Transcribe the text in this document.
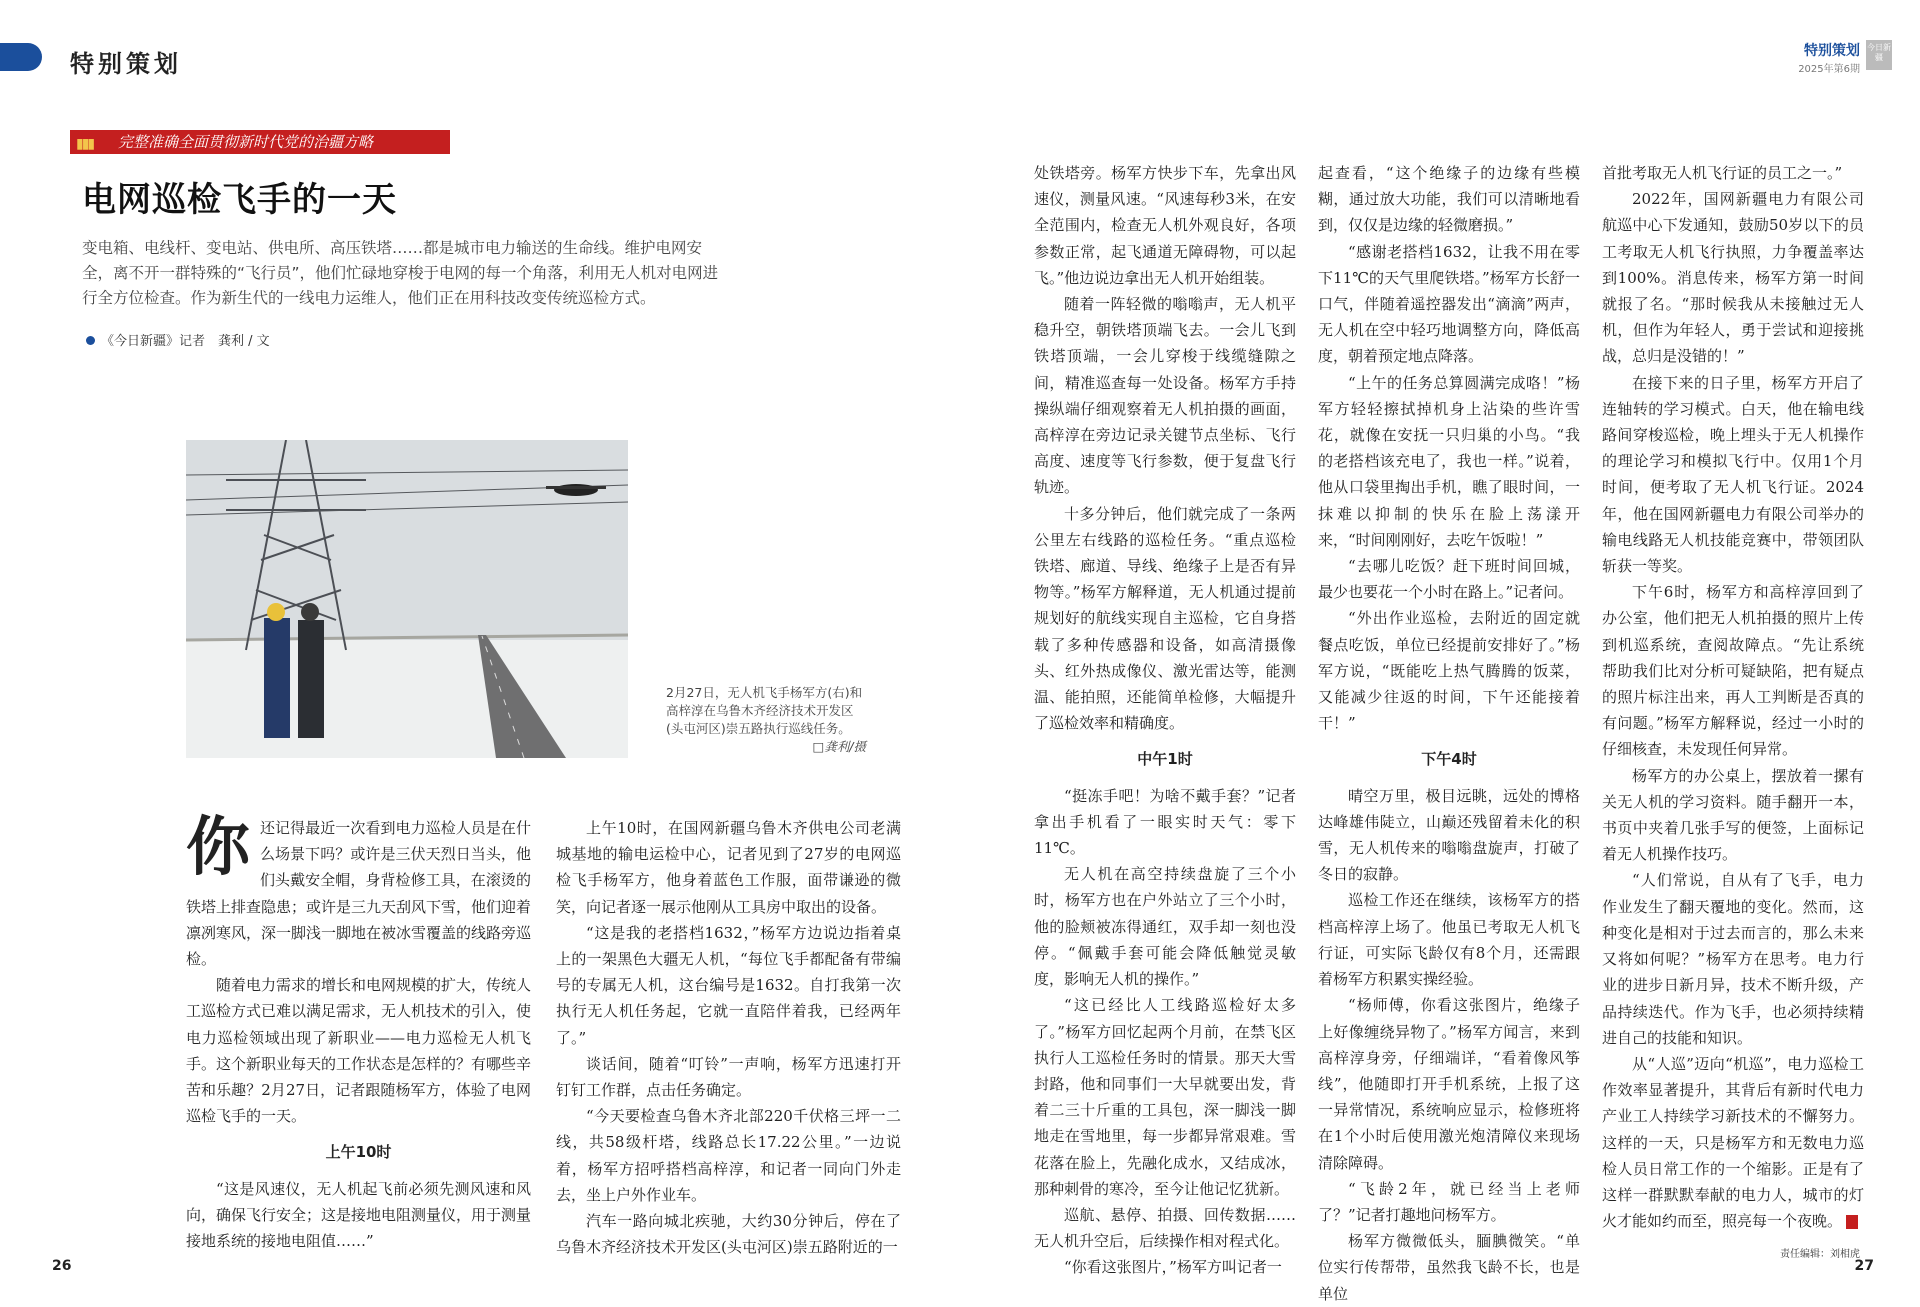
特别策划	特别策划
2025年第6期
今日新疆
▮▮▮	完整准确全面贯彻新时代党的治疆方略
电网巡检飞手的一天
变电箱、电线杆、变电站、供电所、高压铁塔……都是城市电力输送的生命线。维护电网安全，离不开一群特殊的“飞行员”，他们忙碌地穿梭于电网的每一个角落，利用无人机对电网进行全方位检查。作为新生代的一线电力运维人，他们正在用科技改变传统巡检方式。
《今日新疆》记者　龚利 / 文
2月27日，无人机飞手杨军方(右)和高梓淳在乌鲁木齐经济技术开发区(头屯河区)崇五路执行巡线任务。
□龚利/摄

你还记得最近一次看到电力巡检人员是在什么场景下吗？或许是三伏天烈日当头，他们头戴安全帽，身背检修工具，在滚烫的铁塔上排查隐患；或许是三九天刮风下雪，他们迎着凛冽寒风，深一脚浅一脚地在被冰雪覆盖的线路旁巡检。

随着电力需求的增长和电网规模的扩大，传统人工巡检方式已难以满足需求，无人机技术的引入，使电力巡检领域出现了新职业——电力巡检无人机飞手。这个新职业每天的工作状态是怎样的？有哪些辛苦和乐趣？2月27日，记者跟随杨军方，体验了电网巡检飞手的一天。

上午10时

“这是风速仪，无人机起飞前必须先测风速和风向，确保飞行安全；这是接地电阻测量仪，用于测量接地系统的接地电阻值……”

上午10时，在国网新疆乌鲁木齐供电公司老满城基地的输电运检中心，记者见到了27岁的电网巡检飞手杨军方，他身着蓝色工作服，面带谦逊的微笑，向记者逐一展示他刚从工具房中取出的设备。

“这是我的老搭档1632，”杨军方边说边指着桌上的一架黑色大疆无人机，“每位飞手都配备有带编号的专属无人机，这台编号是1632。自打我第一次执行无人机任务起，它就一直陪伴着我，已经两年了。”

谈话间，随着“叮铃”一声响，杨军方迅速打开钉钉工作群，点击任务确定。

“今天要检查乌鲁木齐北部220千伏格三坪一二线，共58级杆塔，线路总长17.22公里。”一边说着，杨军方招呼搭档高梓淳，和记者一同向门外走去，坐上户外作业车。

汽车一路向城北疾驰，大约30分钟后，停在了乌鲁木齐经济技术开发区(头屯河区)崇五路附近的一

处铁塔旁。杨军方快步下车，先拿出风速仪，测量风速。“风速每秒3米，在安全范围内，检查无人机外观良好，各项参数正常，起飞通道无障碍物，可以起飞。”他边说边拿出无人机开始组装。

随着一阵轻微的嗡嗡声，无人机平稳升空，朝铁塔顶端飞去。一会儿飞到铁塔顶端，一会儿穿梭于线缆缝隙之间，精准巡查每一处设备。杨军方手持操纵端仔细观察着无人机拍摄的画面，高梓淳在旁边记录关键节点坐标、飞行高度、速度等飞行参数，便于复盘飞行轨迹。

十多分钟后，他们就完成了一条两公里左右线路的巡检任务。“重点巡检铁塔、廊道、导线、绝缘子上是否有异物等。”杨军方解释道，无人机通过提前规划好的航线实现自主巡检，它自身搭载了多种传感器和设备，如高清摄像头、红外热成像仪、激光雷达等，能测温、能拍照，还能简单检修，大幅提升了巡检效率和精确度。

中午1时

“挺冻手吧！为啥不戴手套？”记者拿出手机看了一眼实时天气：零下11℃。

无人机在高空持续盘旋了三个小时，杨军方也在户外站立了三个小时，他的脸颊被冻得通红，双手却一刻也没停。“佩戴手套可能会降低触觉灵敏度，影响无人机的操作。”

“这已经比人工线路巡检好太多了。”杨军方回忆起两个月前，在禁飞区执行人工巡检任务时的情景。那天大雪封路，他和同事们一大早就要出发，背着二三十斤重的工具包，深一脚浅一脚地走在雪地里，每一步都异常艰难。雪花落在脸上，先融化成水，又结成冰，那种刺骨的寒冷，至今让他记忆犹新。

巡航、悬停、拍摄、回传数据……无人机升空后，后续操作相对程式化。

“你看这张图片，”杨军方叫记者一

起查看，“这个绝缘子的边缘有些模糊，通过放大功能，我们可以清晰地看到，仅仅是边缘的轻微磨损。”

“感谢老搭档1632，让我不用在零下11℃的天气里爬铁塔。”杨军方长舒一口气，伴随着遥控器发出“滴滴”两声，无人机在空中轻巧地调整方向，降低高度，朝着预定地点降落。

“上午的任务总算圆满完成咯！”杨军方轻轻擦拭掉机身上沾染的些许雪花，就像在安抚一只归巢的小鸟。“我的老搭档该充电了，我也一样。”说着，他从口袋里掏出手机，瞧了眼时间，一抹难以抑制的快乐在脸上荡漾开来，“时间刚刚好，去吃午饭啦！”

“去哪儿吃饭？赶下班时间回城，最少也要花一个小时在路上。”记者问。

“外出作业巡检，去附近的固定就餐点吃饭，单位已经提前安排好了。”杨军方说，“既能吃上热气腾腾的饭菜，又能减少往返的时间，下午还能接着干！”

下午4时

晴空万里，极目远眺，远处的博格达峰雄伟陡立，山巅还残留着未化的积雪，无人机传来的嗡嗡盘旋声，打破了冬日的寂静。

巡检工作还在继续，该杨军方的搭档高梓淳上场了。他虽已考取无人机飞行证，可实际飞龄仅有8个月，还需跟着杨军方积累实操经验。

“杨师傅，你看这张图片，绝缘子上好像缠绕异物了。”杨军方闻言，来到高梓淳身旁，仔细端详，“看着像风筝线”，他随即打开手机系统，上报了这一异常情况，系统响应显示，检修班将在1个小时后使用激光炮清障仪来现场清除障碍。

“飞龄2年，就已经当上老师了？”记者打趣地问杨军方。

杨军方微微低头，腼腆微笑。“单位实行传帮带，虽然我飞龄不长，也是单位

首批考取无人机飞行证的员工之一。”

2022年，国网新疆电力有限公司航巡中心下发通知，鼓励50岁以下的员工考取无人机飞行执照，力争覆盖率达到100%。消息传来，杨军方第一时间就报了名。“那时候我从未接触过无人机，但作为年轻人，勇于尝试和迎接挑战，总归是没错的！”

在接下来的日子里，杨军方开启了连轴转的学习模式。白天，他在输电线路间穿梭巡检，晚上埋头于无人机操作的理论学习和模拟飞行中。仅用1个月时间，便考取了无人机飞行证。2024年，他在国网新疆电力有限公司举办的输电线路无人机技能竞赛中，带领团队斩获一等奖。

下午6时，杨军方和高梓淳回到了办公室，他们把无人机拍摄的照片上传到机巡系统，查阅故障点。“先让系统帮助我们比对分析可疑缺陷，把有疑点的照片标注出来，再人工判断是否真的有问题。”杨军方解释说，经过一小时的仔细核查，未发现任何异常。

杨军方的办公桌上，摆放着一摞有关无人机的学习资料。随手翻开一本，书页中夹着几张手写的便签，上面标记着无人机操作技巧。

“人们常说，自从有了飞手，电力作业发生了翻天覆地的变化。然而，这种变化是相对于过去而言的，那么未来又将如何呢？”杨军方在思考。电力行业的进步日新月异，技术不断升级，产品持续迭代。作为飞手，也必须持续精进自己的技能和知识。

从“人巡”迈向“机巡”，电力巡检工作效率显著提升，其背后有新时代电力产业工人持续学习新技术的不懈努力。这样的一天，只是杨军方和无数电力巡检人员日常工作的一个缩影。正是有了这样一群默默奉献的电力人，城市的灯火才能如约而至，照亮每一个夜晚。

26
责任编辑：刘相虎
27
